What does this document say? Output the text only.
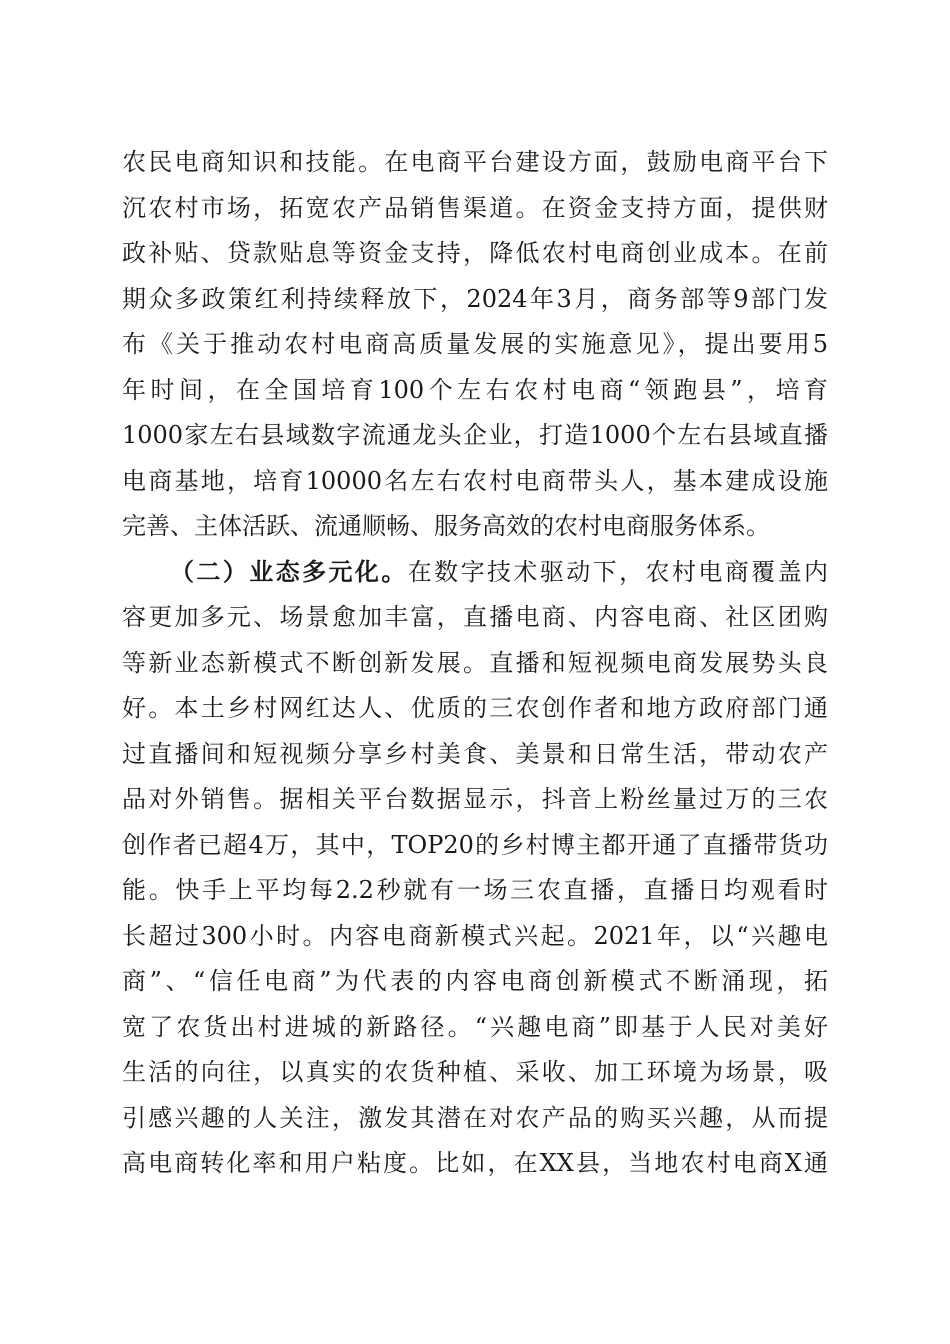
农民电商知识和技能。在电商平台建设方面，鼓励电商平台下
沉农村市场，拓宽农产品销售渠道。在资金支持方面，提供财
政补贴、贷款贴息等资金支持，降低农村电商创业成本。在前
期众多政策红利持续释放下，2024年3月，商务部等9部门发
布《关于推动农村电商高质量发展的实施意见》，提出要用5
年时间，在全国培育100个左右农村电商“领跑县”，培育
1000家左右县域数字流通龙头企业，打造1000个左右县域直播
电商基地，培育10000名左右农村电商带头人，基本建成设施
完善、主体活跃、流通顺畅、服务高效的农村电商服务体系。
（二）业态多元化。在数字技术驱动下，农村电商覆盖内
容更加多元、场景愈加丰富，直播电商、内容电商、社区团购
等新业态新模式不断创新发展。直播和短视频电商发展势头良
好。本土乡村网红达人、优质的三农创作者和地方政府部门通
过直播间和短视频分享乡村美食、美景和日常生活，带动农产
品对外销售。据相关平台数据显示，抖音上粉丝量过万的三农
创作者已超4万，其中，TOP20的乡村博主都开通了直播带货功
能。快手上平均每2.2秒就有一场三农直播，直播日均观看时
长超过300小时。内容电商新模式兴起。2021年，以“兴趣电
商”、“信任电商”为代表的内容电商创新模式不断涌现，拓
宽了农货出村进城的新路径。“兴趣电商”即基于人民对美好
生活的向往，以真实的农货种植、采收、加工环境为场景，吸
引感兴趣的人关注，激发其潜在对农产品的购买兴趣，从而提
高电商转化率和用户粘度。比如，在XX县，当地农村电商X通
